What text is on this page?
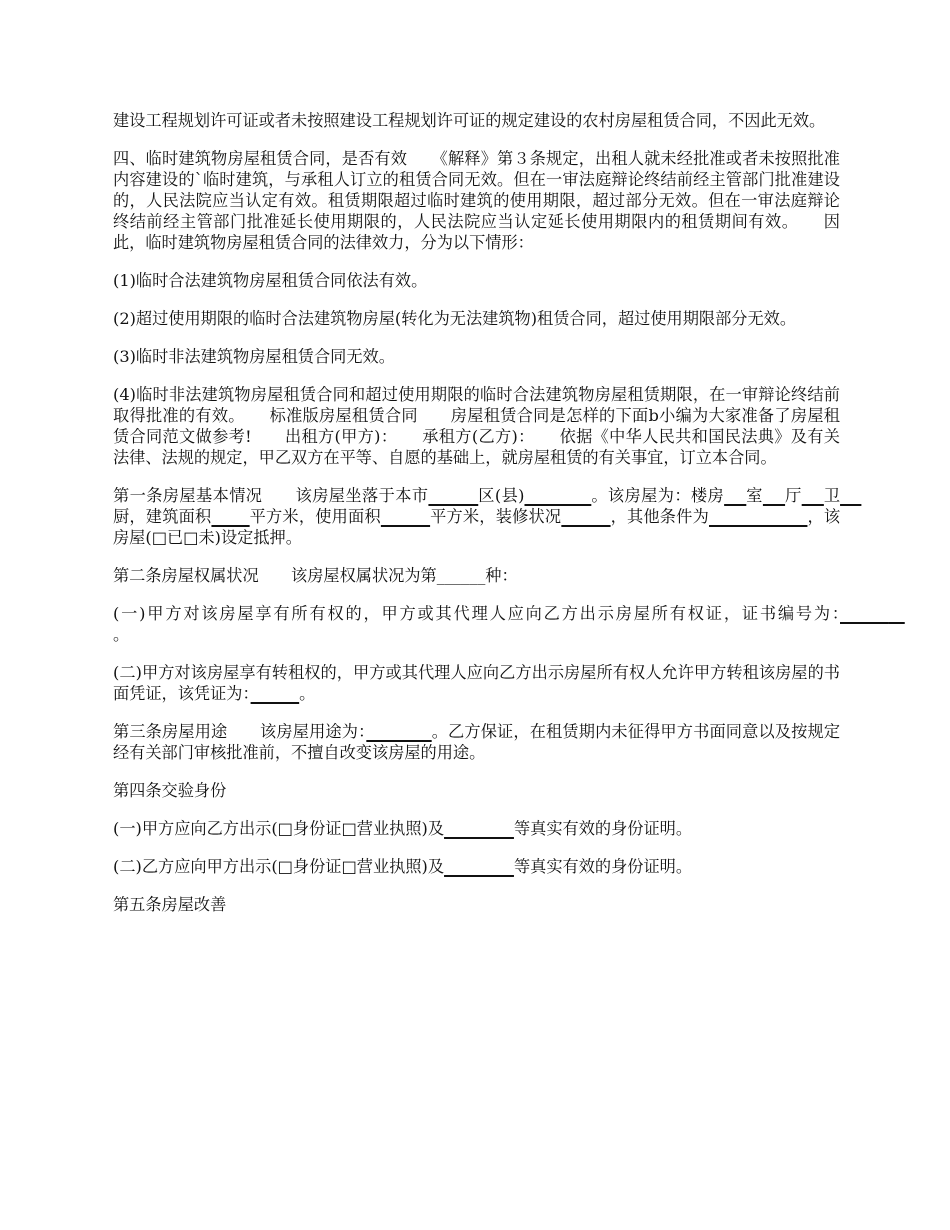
建设工程规划许可证或者未按照建设工程规划许可证的规定建设的农村房屋租赁合同，不因此无效。

四、临时建筑物房屋租赁合同，是否有效　　《解释》第３条规定，出租人就未经批准或者未按照批准内容建设的`临时建筑，与承租人订立的租赁合同无效。但在一审法庭辩论终结前经主管部门批准建设的，人民法院应当认定有效。租赁期限超过临时建筑的使用期限，超过部分无效。但在一审法庭辩论终结前经主管部门批准延长使用期限的，人民法院应当认定延长使用期限内的租赁期间有效。　　因此，临时建筑物房屋租赁合同的法律效力，分为以下情形：

(1)临时合法建筑物房屋租赁合同依法有效。

(2)超过使用期限的临时合法建筑物房屋(转化为无法建筑物)租赁合同，超过使用期限部分无效。

(3)临时非法建筑物房屋租赁合同无效。

(4)临时非法建筑物房屋租赁合同和超过使用期限的临时合法建筑物房屋租赁期限，在一审辩论终结前取得批准的有效。　　标准版房屋租赁合同　　房屋租赁合同是怎样的下面b小编为大家准备了房屋租赁合同范文做参考!　　出租方(甲方)：　　承租方(乙方)：　　依据《中华人民共和国民法典》及有关法律、法规的规定，甲乙双方在平等、自愿的基础上，就房屋租赁的有关事宜，订立本合同。

第一条房屋基本情况　　该房屋坐落于本市　　　	区(县)　　　　	。该房屋为：楼房　 室　 厅　 卫　 厨，建筑面积　　 平方米，使用面积　　　	平方米，装修状况　　　	，其他条件为　　　　　　	，该房屋(□已□未)设定抵押。

第二条房屋权属状况　　该房屋权属状况为第______种：

(一)甲方对该房屋享有所有权的，甲方或其代理人应向乙方出示房屋所有权证，证书编号为：　　　　。

(二)甲方对该房屋享有转租权的，甲方或其代理人应向乙方出示房屋所有权人允许甲方转租该房屋的书面凭证，该凭证为：　　　	。

第三条房屋用途　　该房屋用途为：　　　　	。乙方保证，在租赁期内未征得甲方书面同意以及按规定经有关部门审核批准前，不擅自改变该房屋的用途。

第四条交验身份

(一)甲方应向乙方出示(□身份证□营业执照)及　　　　	等真实有效的身份证明。

(二)乙方应向甲方出示(□身份证□营业执照)及　　　　	等真实有效的身份证明。

第五条房屋改善
